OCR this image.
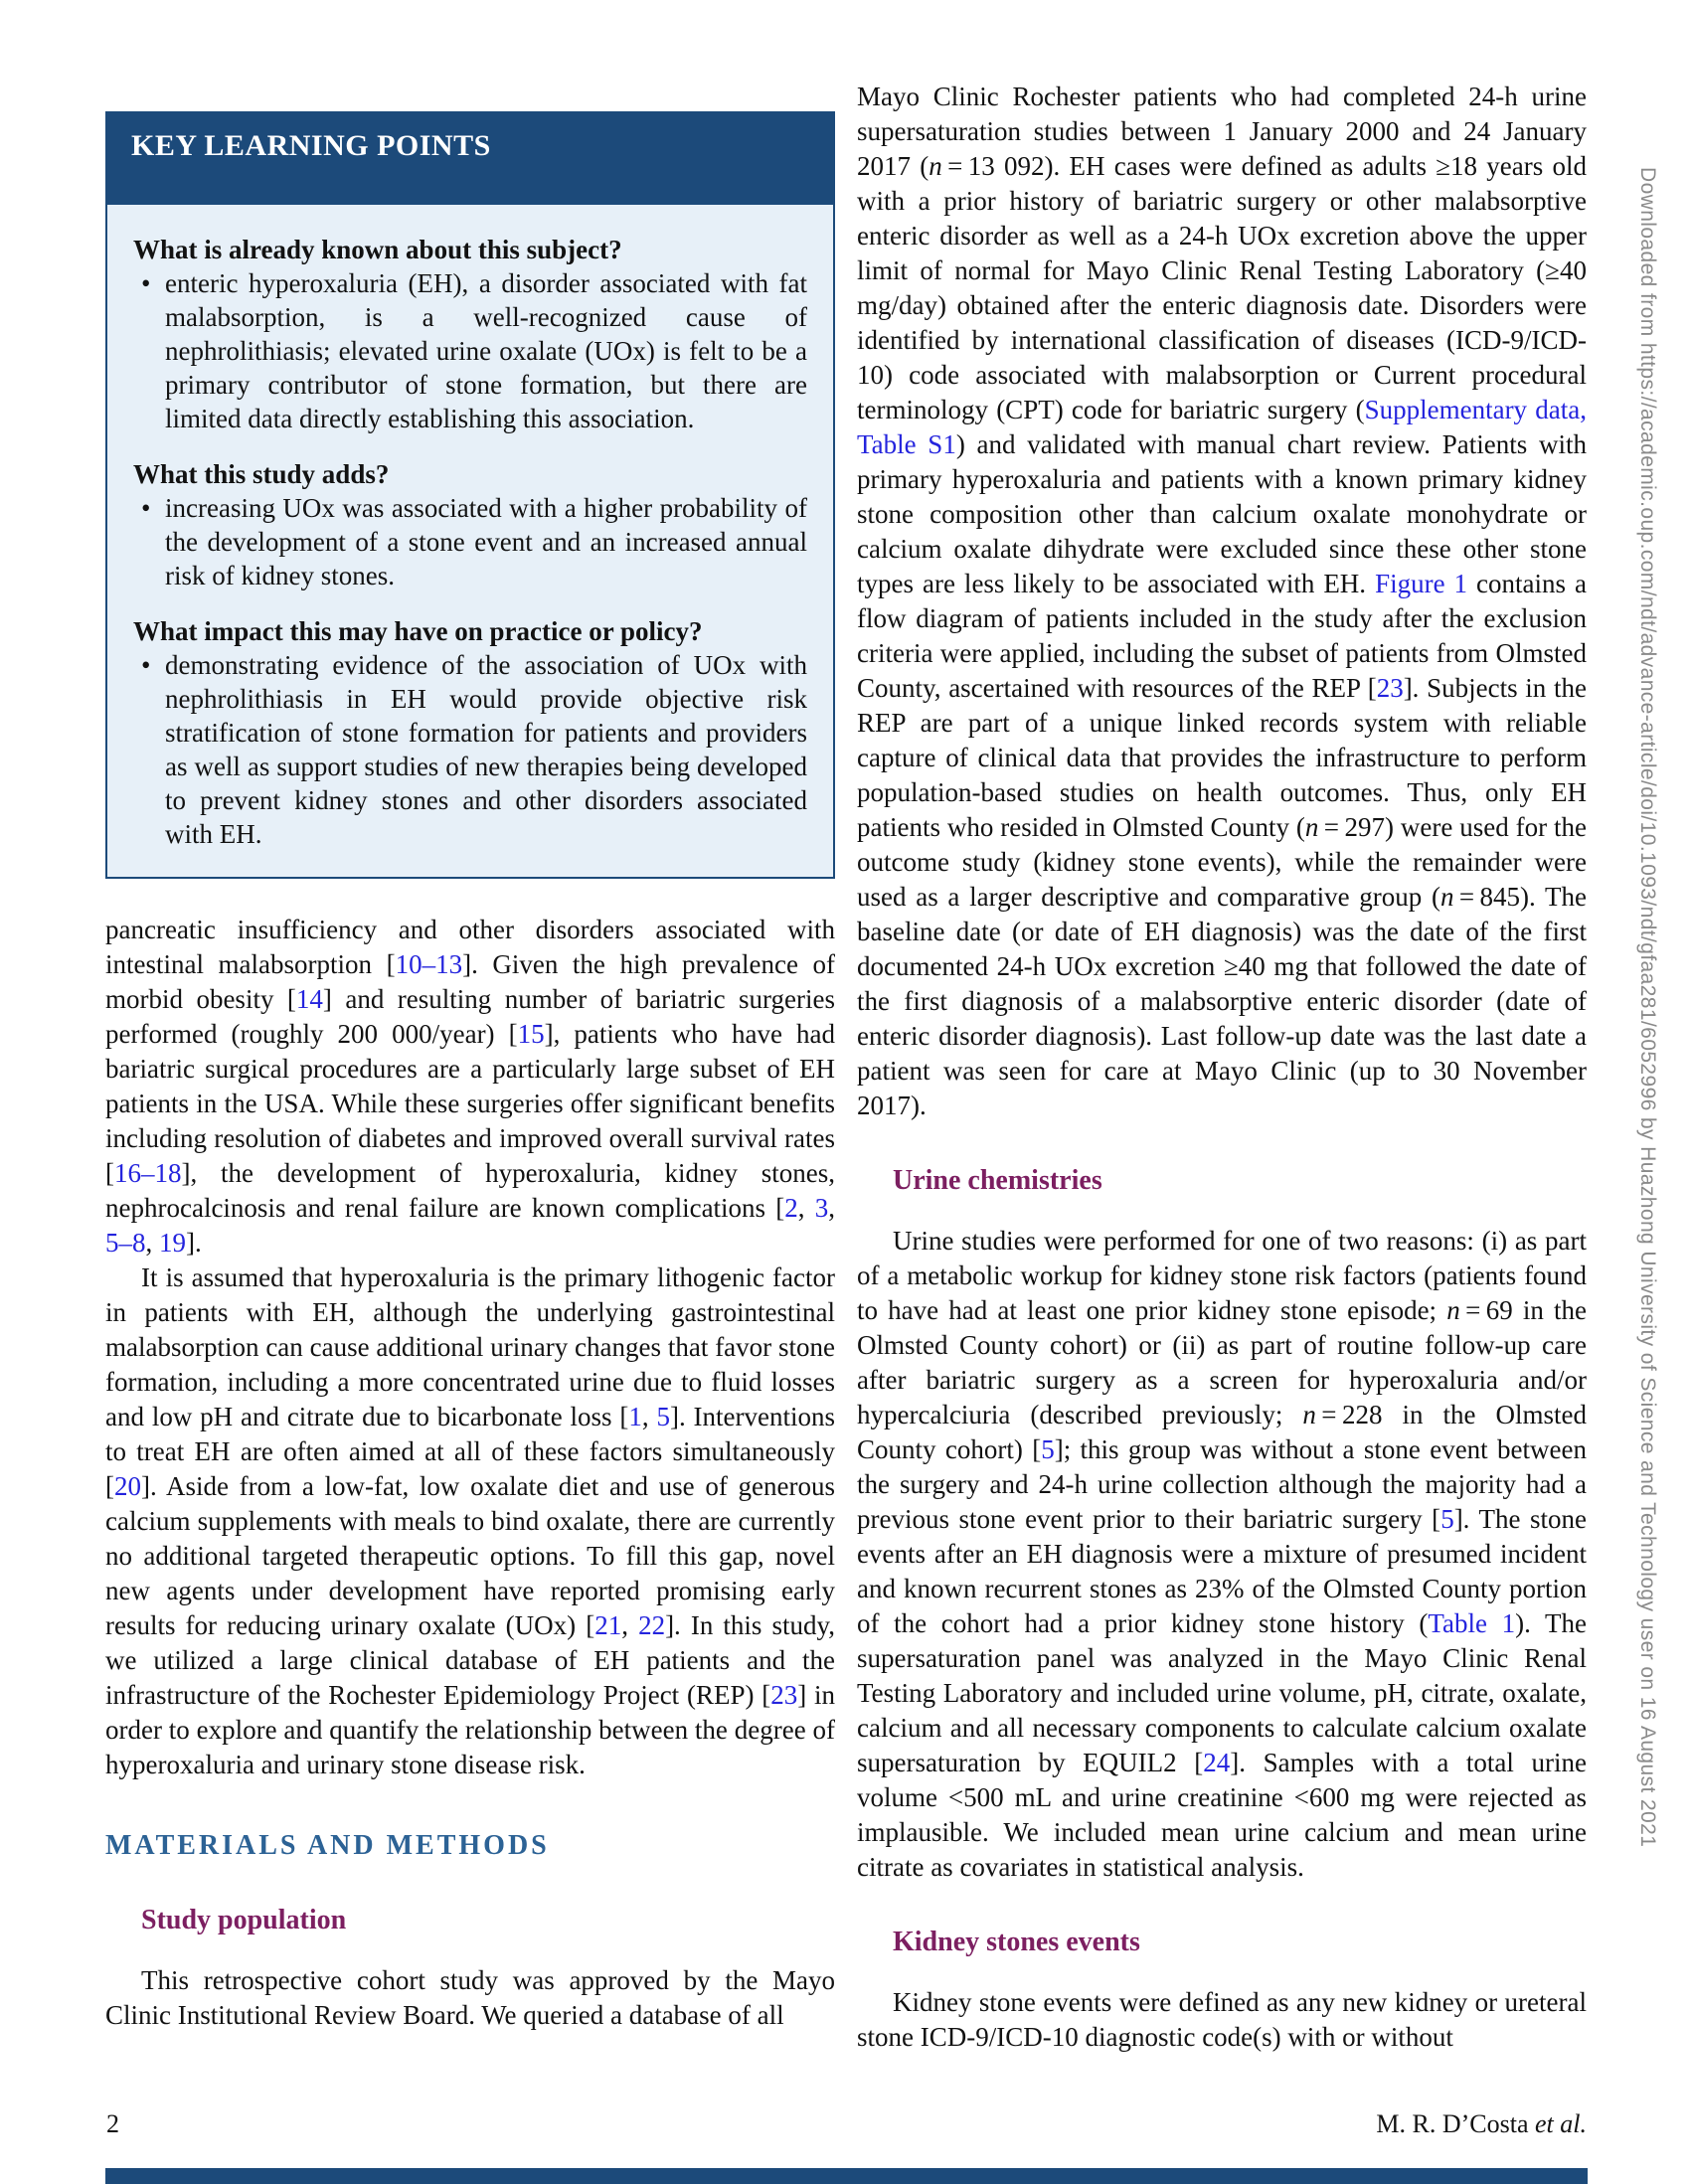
KEY LEARNING POINTS
What is already known about this subject?
• enteric hyperoxaluria (EH), a disorder associated with fat malabsorption, is a well-recognized cause of nephrolithiasis; elevated urine oxalate (UOx) is felt to be a primary contributor of stone formation, but there are limited data directly establishing this association.
What this study adds?
• increasing UOx was associated with a higher probability of the development of a stone event and an increased annual risk of kidney stones.
What impact this may have on practice or policy?
• demonstrating evidence of the association of UOx with nephrolithiasis in EH would provide objective risk stratification of stone formation for patients and providers as well as support studies of new therapies being developed to prevent kidney stones and other disorders associated with EH.

pancreatic insufficiency and other disorders associated with intestinal malabsorption [10–13]. Given the high prevalence of morbid obesity [14] and resulting number of bariatric surgeries performed (roughly 200 000/year) [15], patients who have had bariatric surgical procedures are a particularly large subset of EH patients in the USA. While these surgeries offer significant benefits including resolution of diabetes and improved overall survival rates [16–18], the development of hyperoxaluria, kidney stones, nephrocalcinosis and renal failure are known complications [2, 3, 5–8, 19].

It is assumed that hyperoxaluria is the primary lithogenic factor in patients with EH, although the underlying gastrointestinal malabsorption can cause additional urinary changes that favor stone formation, including a more concentrated urine due to fluid losses and low pH and citrate due to bicarbonate loss [1, 5]. Interventions to treat EH are often aimed at all of these factors simultaneously [20]. Aside from a low-fat, low oxalate diet and use of generous calcium supplements with meals to bind oxalate, there are currently no additional targeted therapeutic options. To fill this gap, novel new agents under development have reported promising early results for reducing urinary oxalate (UOx) [21, 22]. In this study, we utilized a large clinical database of EH patients and the infrastructure of the Rochester Epidemiology Project (REP) [23] in order to explore and quantify the relationship between the degree of hyperoxaluria and urinary stone disease risk.

MATERIALS AND METHODS
Study population

This retrospective cohort study was approved by the Mayo Clinic Institutional Review Board. We queried a database of all

Mayo Clinic Rochester patients who had completed 24-h urine supersaturation studies between 1 January 2000 and 24 January 2017 (n = 13 092). EH cases were defined as adults ≥18 years old with a prior history of bariatric surgery or other malabsorptive enteric disorder as well as a 24-h UOx excretion above the upper limit of normal for Mayo Clinic Renal Testing Laboratory (≥40 mg/day) obtained after the enteric diagnosis date. Disorders were identified by international classification of diseases (ICD-9/ICD-10) code associated with malabsorption or Current procedural terminology (CPT) code for bariatric surgery (Supplementary data, Table S1) and validated with manual chart review. Patients with primary hyperoxaluria and patients with a known primary kidney stone composition other than calcium oxalate monohydrate or calcium oxalate dihydrate were excluded since these other stone types are less likely to be associated with EH. Figure 1 contains a flow diagram of patients included in the study after the exclusion criteria were applied, including the subset of patients from Olmsted County, ascertained with resources of the REP [23]. Subjects in the REP are part of a unique linked records system with reliable capture of clinical data that provides the infrastructure to perform population-based studies on health outcomes. Thus, only EH patients who resided in Olmsted County (n = 297) were used for the outcome study (kidney stone events), while the remainder were used as a larger descriptive and comparative group (n = 845). The baseline date (or date of EH diagnosis) was the date of the first documented 24-h UOx excretion ≥40 mg that followed the date of the first diagnosis of a malabsorptive enteric disorder (date of enteric disorder diagnosis). Last follow-up date was the last date a patient was seen for care at Mayo Clinic (up to 30 November 2017).

Urine chemistries

Urine studies were performed for one of two reasons: (i) as part of a metabolic workup for kidney stone risk factors (patients found to have had at least one prior kidney stone episode; n = 69 in the Olmsted County cohort) or (ii) as part of routine follow-up care after bariatric surgery as a screen for hyperoxaluria and/or hypercalciuria (described previously; n = 228 in the Olmsted County cohort) [5]; this group was without a stone event between the surgery and 24-h urine collection although the majority had a previous stone event prior to their bariatric surgery [5]. The stone events after an EH diagnosis were a mixture of presumed incident and known recurrent stones as 23% of the Olmsted County portion of the cohort had a prior kidney stone history (Table 1). The supersaturation panel was analyzed in the Mayo Clinic Renal Testing Laboratory and included urine volume, pH, citrate, oxalate, calcium and all necessary components to calculate calcium oxalate supersaturation by EQUIL2 [24]. Samples with a total urine volume <500 mL and urine creatinine <600 mg were rejected as implausible. We included mean urine calcium and mean urine citrate as covariates in statistical analysis.

Kidney stones events

Kidney stone events were defined as any new kidney or ureteral stone ICD-9/ICD-10 diagnostic code(s) with or without

Downloaded from https://academic.oup.com/ndt/advance-article/doi/10.1093/ndt/gfaa281/6052996 by Huazhong University of Science and Technology user on 16 August 2021
2	M. R. D’Costa et al.
